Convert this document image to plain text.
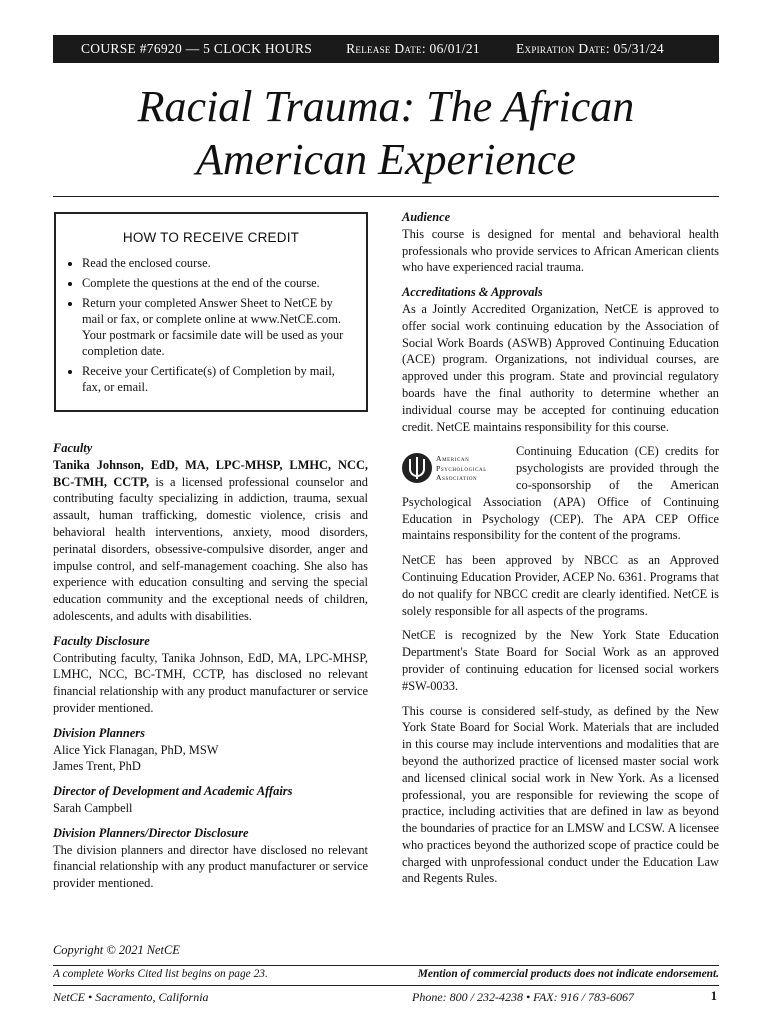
COURSE #76920 — 5 CLOCK HOURS	Release Date: 06/01/21	Expiration Date: 05/31/24
Racial Trauma: The African
American Experience
HOW TO RECEIVE CREDIT
• Read the enclosed course.
• Complete the questions at the end of the course.
• Return your completed Answer Sheet to NetCE by mail or fax, or complete online at www.NetCE.com. Your postmark or facsimile date will be used as your completion date.
• Receive your Certificate(s) of Completion by mail, fax, or email.

Faculty

Tanika Johnson, EdD, MA, LPC-MHSP, LMHC, NCC, BC-TMH, CCTP, is a licensed professional counselor and contributing faculty specializing in addiction, trauma, sexual assault, human trafficking, domestic violence, crisis and behavioral health interventions, anxiety, mood disorders, perinatal disorders, obsessive-compulsive disorder, anger and impulse control, and self-management coaching. She also has experience with education consulting and serving the special education community and the exceptional needs of children, adolescents, and adults with disabilities.

Faculty Disclosure

Contributing faculty, Tanika Johnson, EdD, MA, LPC-MHSP, LMHC, NCC, BC-TMH, CCTP, has disclosed no relevant financial relationship with any product manufacturer or service provider mentioned.

Division Planners

Alice Yick Flanagan, PhD, MSW

James Trent, PhD

Director of Development and Academic Affairs

Sarah Campbell

Division Planners/Director Disclosure

The division planners and director have disclosed no relevant financial relationship with any product manufacturer or service provider mentioned.

Audience

This course is designed for mental and behavioral health professionals who provide services to African American clients who have experienced racial trauma.

Accreditations & Approvals

As a Jointly Accredited Organization, NetCE is approved to offer social work continuing education by the Association of Social Work Boards (ASWB) Approved Continuing Education (ACE) program. Organizations, not individual courses, are approved under this program. State and provincial regulatory boards have the final authority to determine whether an individual course may be accepted for continuing education credit. NetCE maintains responsibility for this course.

American
Psychological
Association

Continuing Education (CE) credits for psychologists are provided through the co-sponsorship of the American Psychological Association (APA) Office of Continuing Education in Psychology (CEP). The APA CEP Office maintains responsibility for the content of the programs.

NetCE has been approved by NBCC as an Approved Continuing Education Provider, ACEP No. 6361. Programs that do not qualify for NBCC credit are clearly identified. NetCE is solely responsible for all aspects of the programs.

NetCE is recognized by the New York State Education Department's State Board for Social Work as an approved provider of continuing education for licensed social workers #SW-0033.

This course is considered self-study, as defined by the New York State Board for Social Work. Materials that are included in this course may include interventions and modalities that are beyond the authorized practice of licensed master social work and licensed clinical social work in New York. As a licensed professional, you are responsible for reviewing the scope of practice, including activities that are defined in law as beyond the boundaries of practice for an LMSW and LCSW. A licensee who practices beyond the authorized scope of practice could be charged with unprofessional conduct under the Education Law and Regents Rules.

Copyright © 2021 NetCE
A complete Works Cited list begins on page 23.	Mention of commercial products does not indicate endorsement.
NetCE • Sacramento, California	Phone: 800 / 232-4238 • FAX: 916 / 783-6067	1
